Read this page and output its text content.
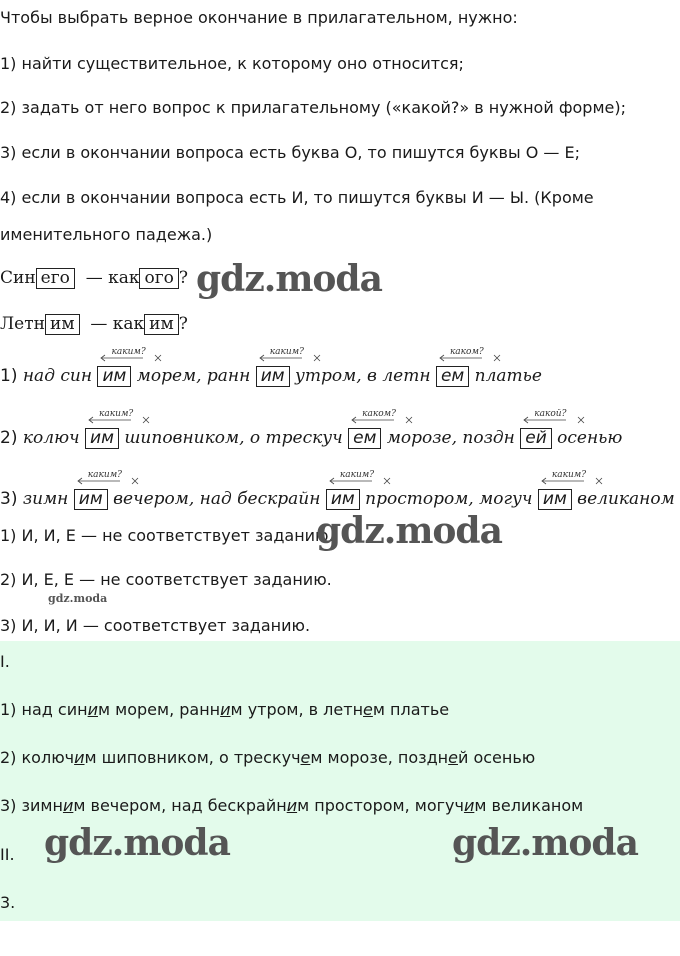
Чтобы выбрать верное окончание в прилагательном, нужно:
1) найти существительное, к которому оно относится;
2) задать от него вопрос к прилагательному («какой?» в нужной форме);
3) если в окончании вопроса есть буква О, то пишутся буквы О — Е;
4) если в окончании вопроса есть И, то пишутся буквы И — Ы. (Кроме
именительного падежа.)
Син его — как ого ? gdz.moda
Летн им — как им ?
1) над син им
каким?
морем, ранн им
каким?
утром, в летн ем
каком?
платье
2) колюч им
каким?
шиповником, о трескуч ем
каком?
морозе, поздн ей
какой?
осенью
3) зимн им
каким?
вечером, над бескрайн им
каким?
простором, могуч им
каким?
великаном
1) И, И, Е — не соответствует заданию.
gdz.moda
2) И, Е, Е — не соответствует заданию.
gdz.moda
3) И, И, И — соответствует заданию.
I.
1) над синим морем, ранним утром, в летнем платье
2) колючим шиповником, о трескучем морозе, поздней осенью
3) зимним вечером, над бескрайним простором, могучим великаном
II. gdz.moda	gdz.moda
3.
